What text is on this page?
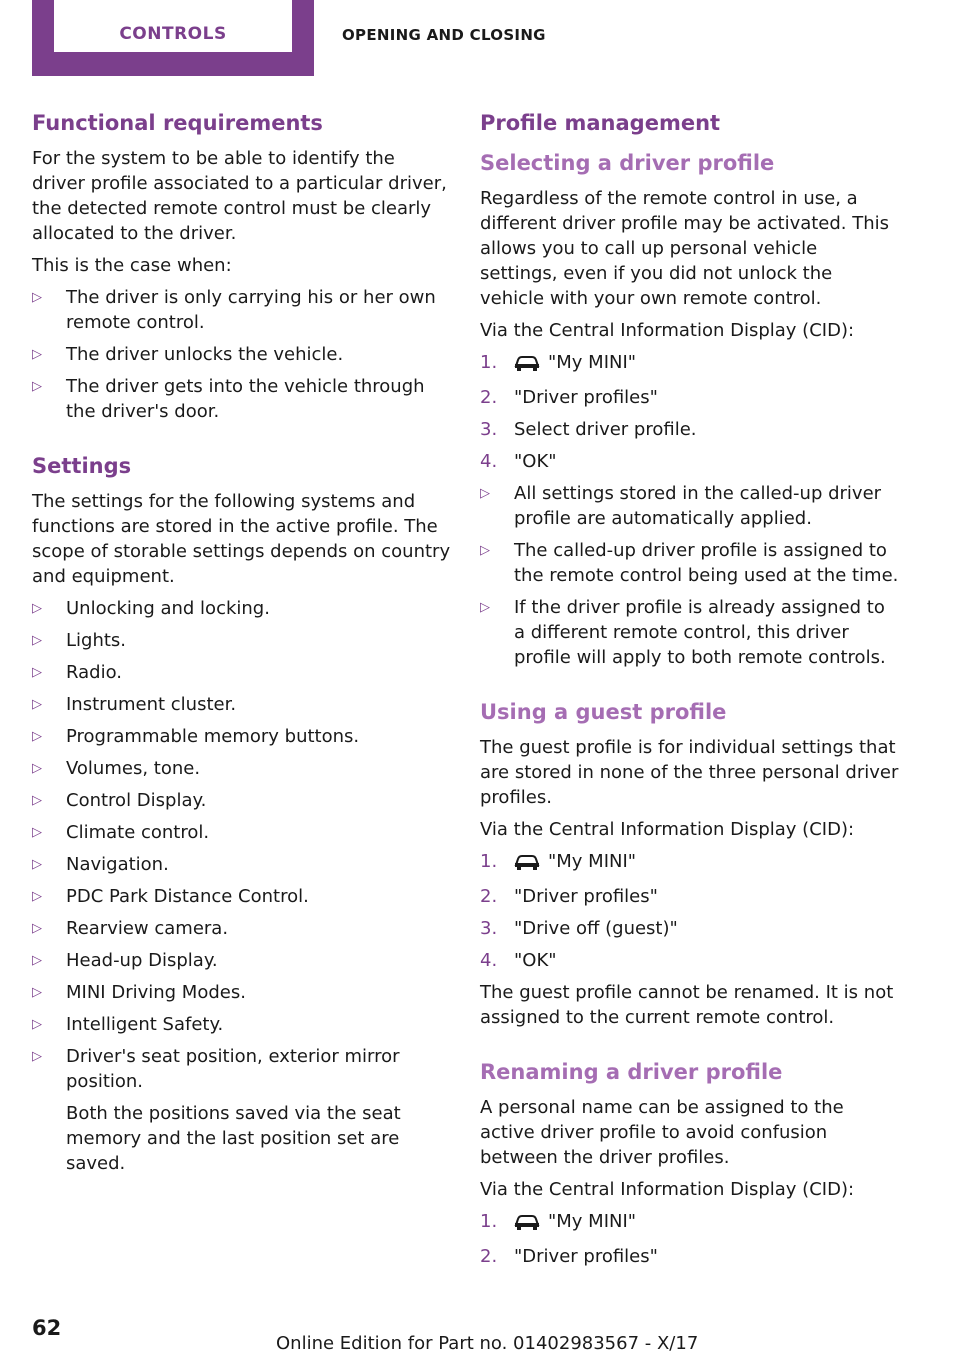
CONTROLS	OPENING AND CLOSING
Functional requirements

For the system to be able to identify the driver profile associated to a particular driver, the detected remote control must be clearly allocated to the driver.

This is the case when:

▷ The driver is only carrying his or her own remote control.
▷ The driver unlocks the vehicle.
▷ The driver gets into the vehicle through the driver's door.
Settings

The settings for the following systems and functions are stored in the active profile. The scope of storable settings depends on country and equipment.

▷ Unlocking and locking.
▷ Lights.
▷ Radio.
▷ Instrument cluster.
▷ Programmable memory buttons.
▷ Volumes, tone.
▷ Control Display.
▷ Climate control.
▷ Navigation.
▷ PDC Park Distance Control.
▷ Rearview camera.
▷ Head-up Display.
▷ MINI Driving Modes.
▷ Intelligent Safety.
▷ Driver's seat position, exterior mirror position.
Both the positions saved via the seat memory and the last position set are saved.
Profile management
Selecting a driver profile

Regardless of the remote control in use, a different driver profile may be activated. This allows you to call up personal vehicle settings, even if you did not unlock the vehicle with your own remote control.

Via the Central Information Display (CID):

1.	"My MINI"
2. "Driver profiles"
3. Select driver profile.
4. "OK"
▷ All settings stored in the called-up driver profile are automatically applied.
▷ The called-up driver profile is assigned to the remote control being used at the time.
▷ If the driver profile is already assigned to a different remote control, this driver profile will apply to both remote controls.
Using a guest profile

The guest profile is for individual settings that are stored in none of the three personal driver profiles.

Via the Central Information Display (CID):

1.	"My MINI"
2. "Driver profiles"
3. "Drive off (guest)"
4. "OK"

The guest profile cannot be renamed. It is not assigned to the current remote control.

Renaming a driver profile

A personal name can be assigned to the active driver profile to avoid confusion between the driver profiles.

Via the Central Information Display (CID):

1.	"My MINI"
2. "Driver profiles"
62
Online Edition for Part no. 01402983567 - X/17
